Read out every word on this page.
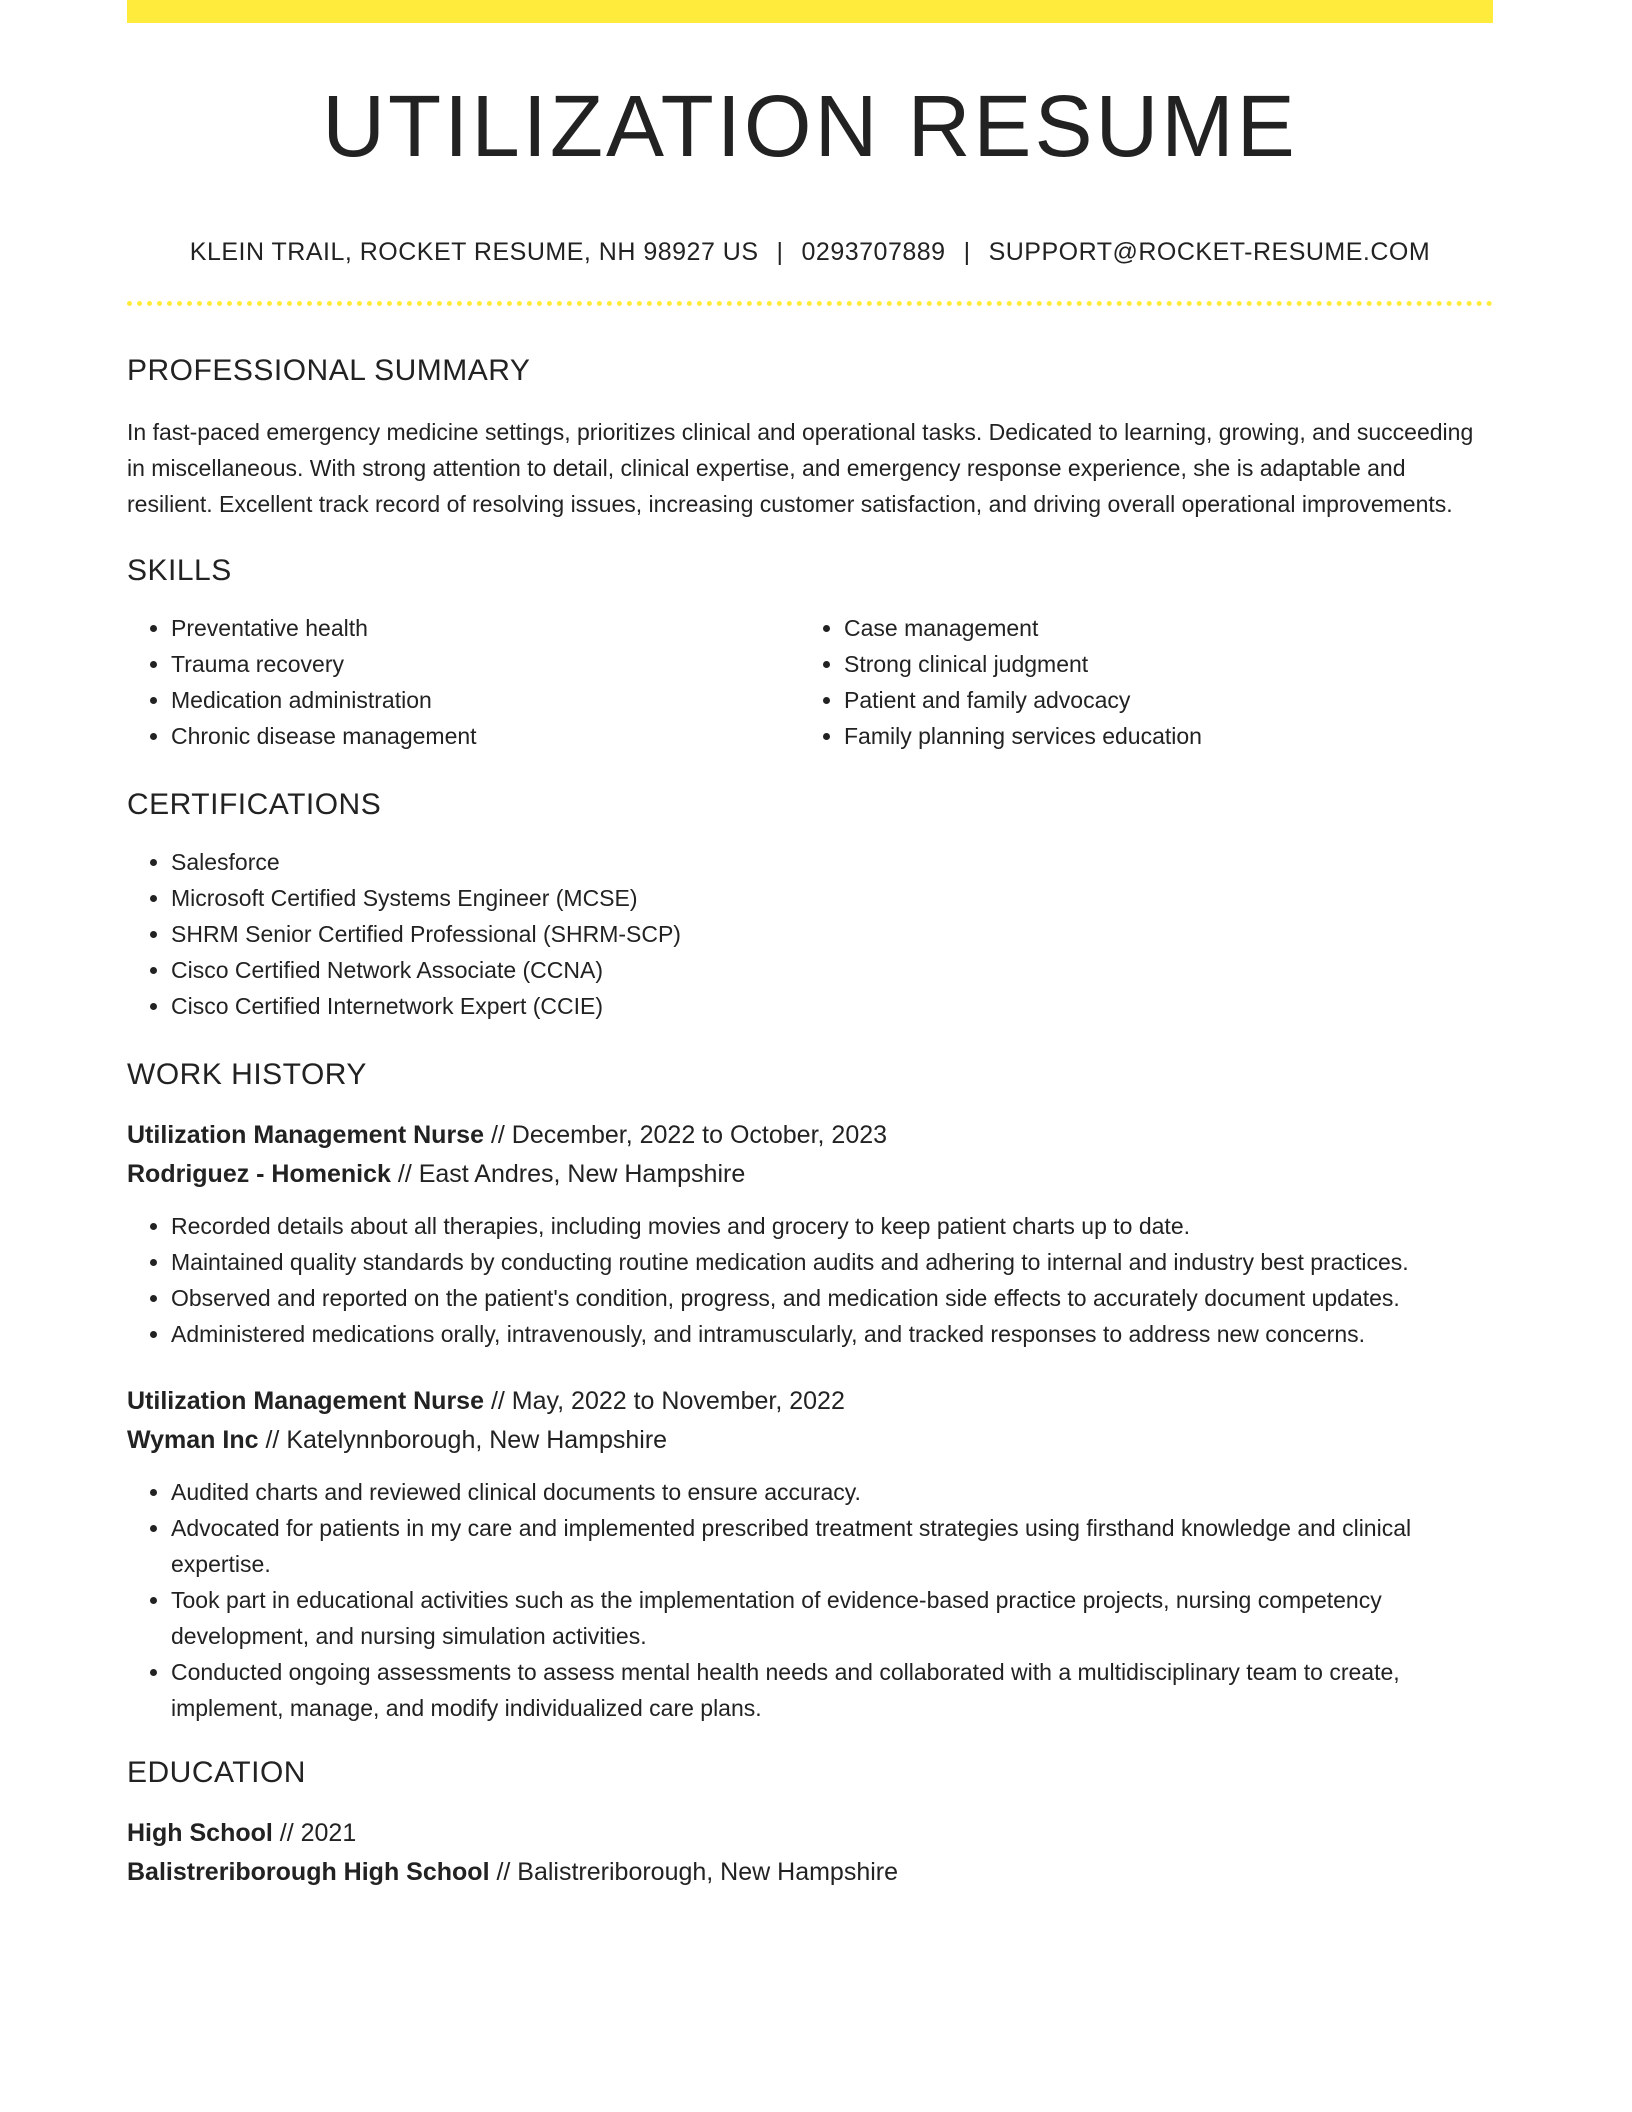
UTILIZATION RESUME
KLEIN TRAIL, ROCKET RESUME, NH 98927 US | 0293707889 | SUPPORT@ROCKET-RESUME.COM
PROFESSIONAL SUMMARY
In fast-paced emergency medicine settings, prioritizes clinical and operational tasks. Dedicated to learning, growing, and succeeding in miscellaneous. With strong attention to detail, clinical expertise, and emergency response experience, she is adaptable and resilient. Excellent track record of resolving issues, increasing customer satisfaction, and driving overall operational improvements.
SKILLS
• Preventative health
• Trauma recovery
• Medication administration
• Chronic disease management
• Case management
• Strong clinical judgment
• Patient and family advocacy
• Family planning services education
CERTIFICATIONS
• Salesforce
• Microsoft Certified Systems Engineer (MCSE)
• SHRM Senior Certified Professional (SHRM-SCP)
• Cisco Certified Network Associate (CCNA)
• Cisco Certified Internetwork Expert (CCIE)
WORK HISTORY
Utilization Management Nurse // December, 2022 to October, 2023
Rodriguez - Homenick // East Andres, New Hampshire
• Recorded details about all therapies, including movies and grocery to keep patient charts up to date.
• Maintained quality standards by conducting routine medication audits and adhering to internal and industry best practices.
• Observed and reported on the patient's condition, progress, and medication side effects to accurately document updates.
• Administered medications orally, intravenously, and intramuscularly, and tracked responses to address new concerns.
Utilization Management Nurse // May, 2022 to November, 2022
Wyman Inc // Katelynnborough, New Hampshire
• Audited charts and reviewed clinical documents to ensure accuracy.
• Advocated for patients in my care and implemented prescribed treatment strategies using firsthand knowledge and clinical expertise.
• Took part in educational activities such as the implementation of evidence-based practice projects, nursing competency development, and nursing simulation activities.
• Conducted ongoing assessments to assess mental health needs and collaborated with a multidisciplinary team to create, implement, manage, and modify individualized care plans.
EDUCATION
High School // 2021
Balistreriborough High School // Balistreriborough, New Hampshire
